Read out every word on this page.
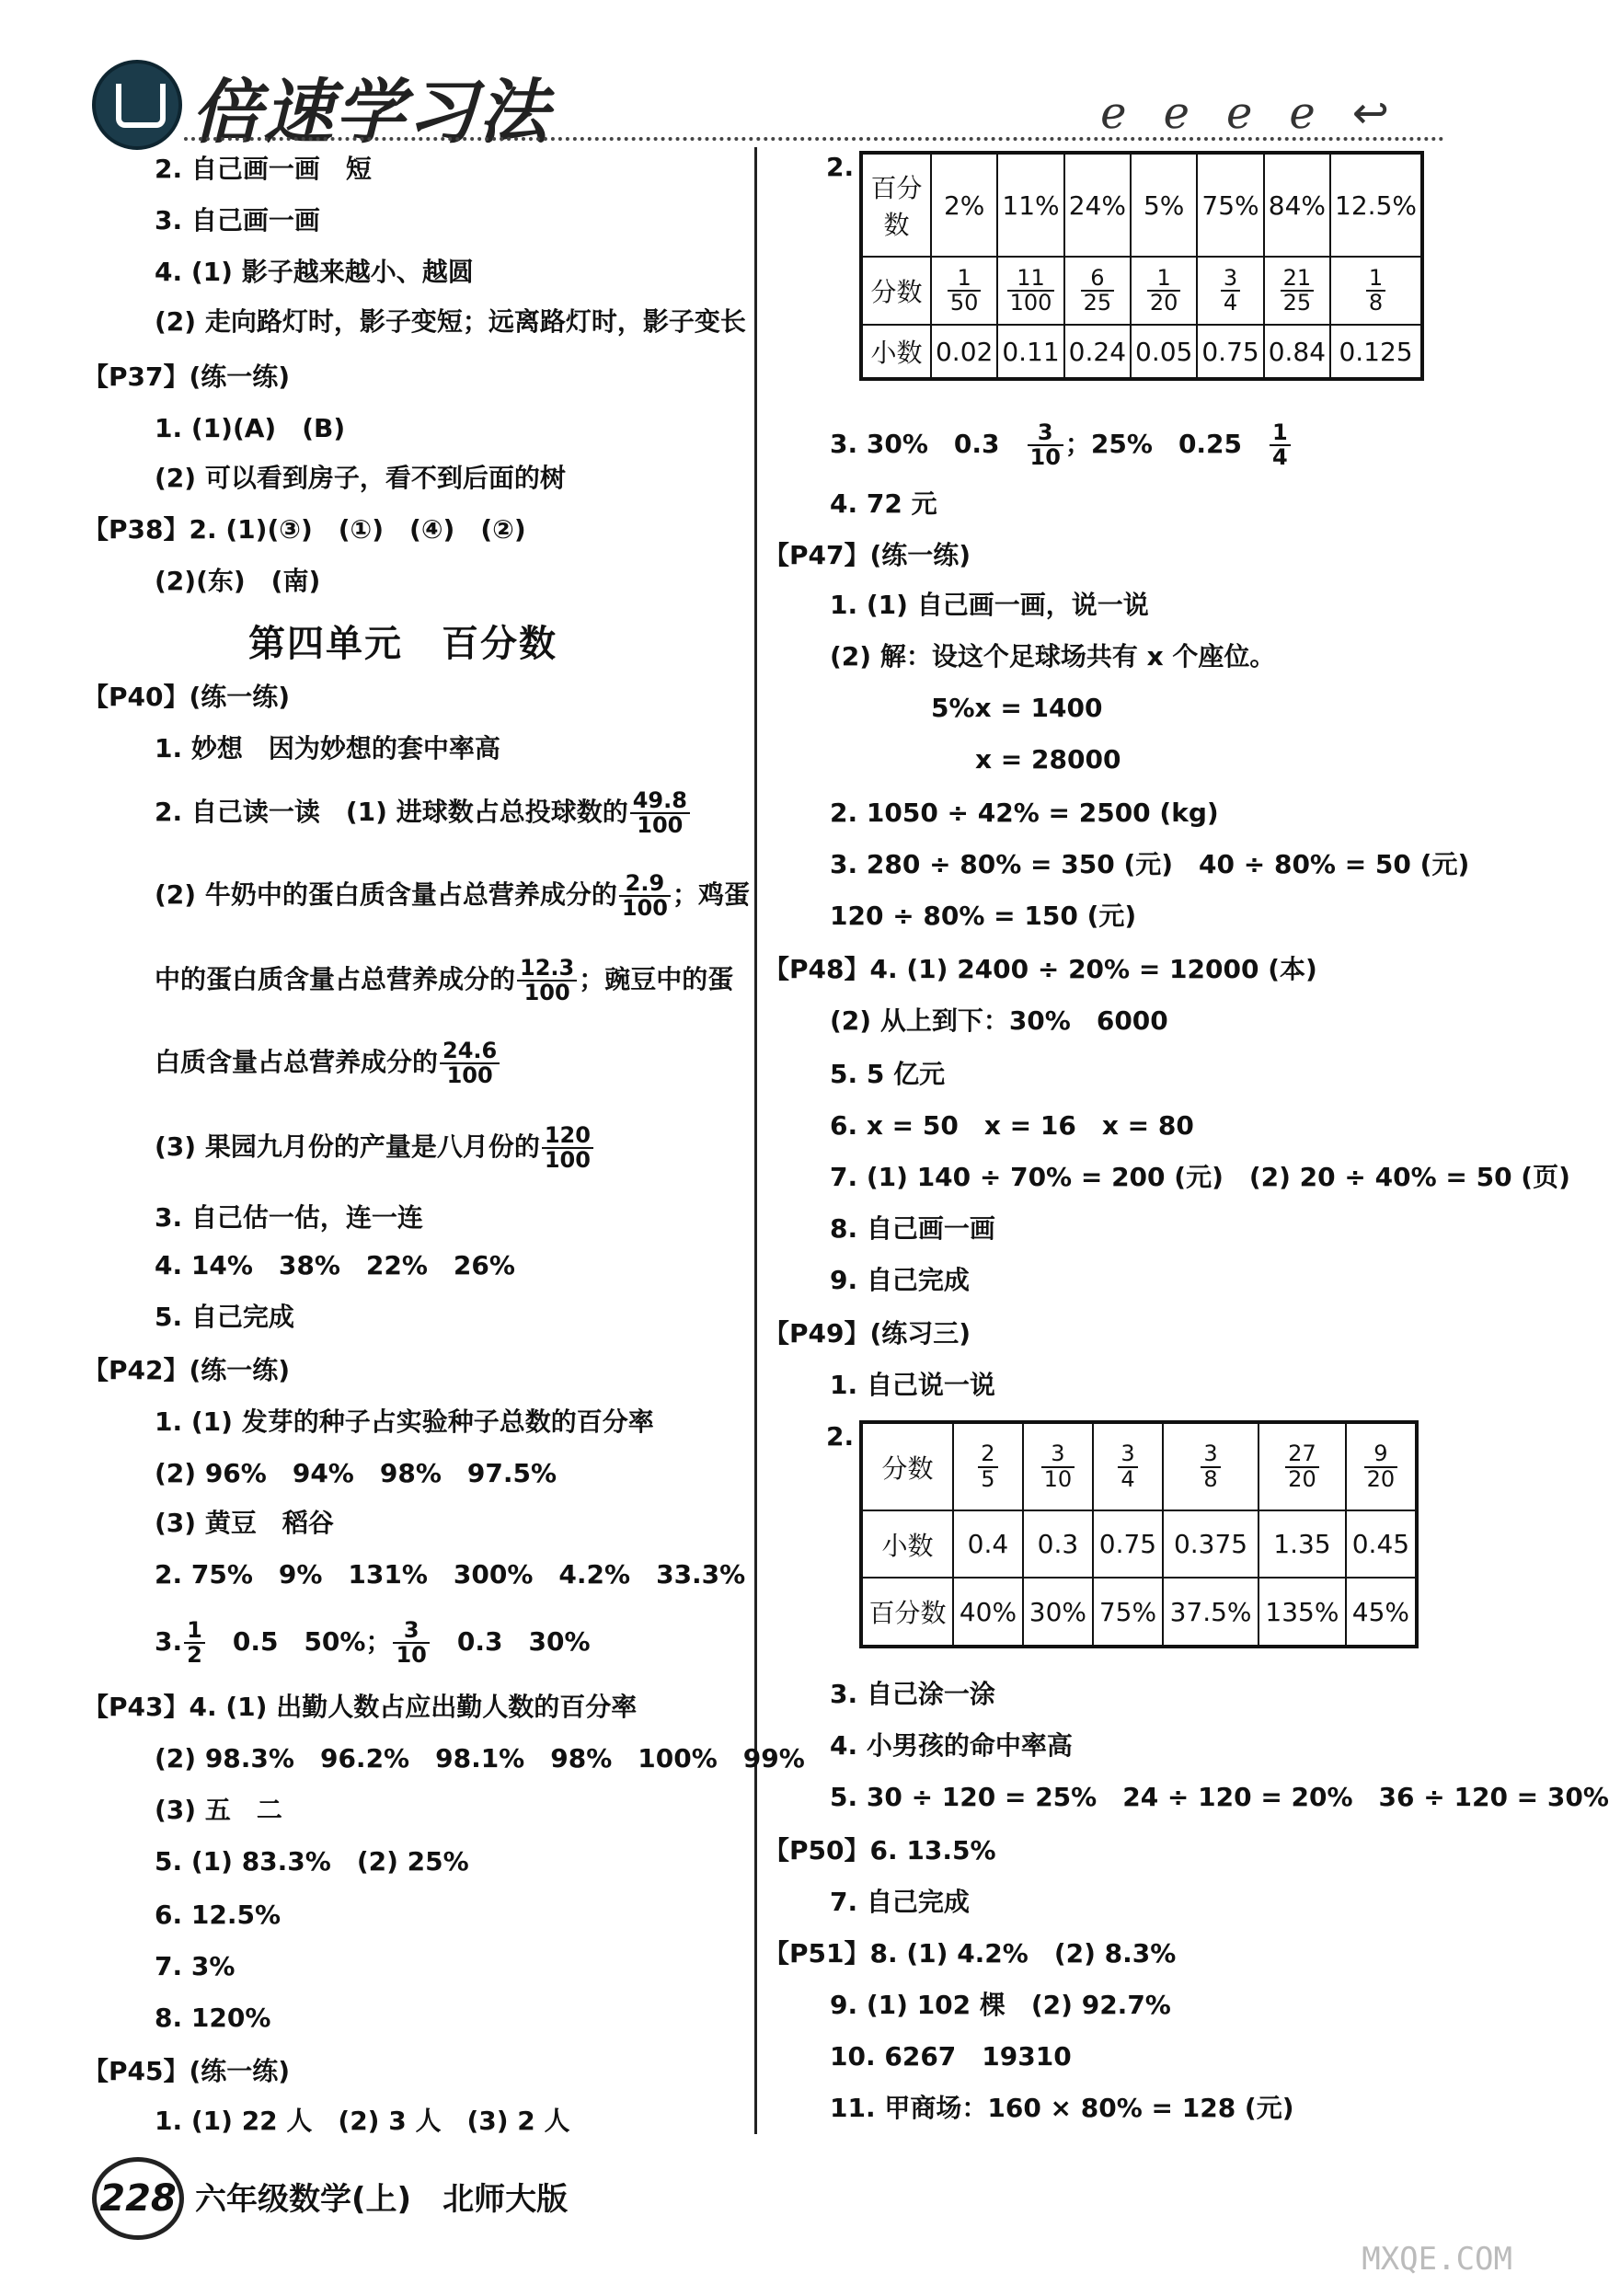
倍速学习法	ℯℯℯℯ↩
2. 自己画一画　短
3. 自己画一画
4. (1) 影子越来越小、越圆
(2) 走向路灯时，影子变短；远离路灯时，影子变长
【P37】(练一练)
1. (1)(A)　(B)
(2) 可以看到房子，看不到后面的树
【P38】2. (1)(③)　(①)　(④)　(②)
(2)(东)　(南)
第四单元　百分数
【P40】(练一练)
1. 妙想　因为妙想的套中率高
2. 自己读一读　(1) 进球数占总投球数的 $\frac{49.8}{100}$
(2) 牛奶中的蛋白质含量占总营养成分的 $\frac{2.9}{100}$ ；鸡蛋
中的蛋白质含量占总营养成分的 $\frac{12.3}{100}$ ；豌豆中的蛋
白质含量占总营养成分的 $\frac{24.6}{100}$
(3) 果园九月份的产量是八月份的 $\frac{120}{100}$
3. 自己估一估，连一连
4. 14%　38%　22%　26%
5. 自己完成
【P42】(练一练)
1. (1) 发芽的种子占实验种子总数的百分率
(2) 96%　94%　98%　97.5%
(3) 黄豆　稻谷
2. 75%　9%　131%　300%　4.2%　33.3%
3. $\frac{1}{2}$
　 0.5　50%； $\frac{3}{10}$
　 0.3　30%
【P43】4. (1) 出勤人数占应出勤人数的百分率
(2) 98.3%　96.2%　98.1%　98%　100%　99%
(3) 五　二
5. (1) 83.3%　(2) 25%
6. 12.5%
7. 3%
8. 120%
【P45】(练一练)
1. (1) 22 人　(2) 3 人　(3) 2 人
2.
百分数	2%	11%	24%	5%	75%	84%	12.5%
分数	$\frac{1}{50}$	$\frac{11}{100}$	$\frac{6}{25}$	$\frac{1}{20}$	$\frac{3}{4}$	$\frac{21}{25}$	$\frac{1}{8}$

小数	0.02	0.11	0.24	0.05	0.75	0.84	0.125
3. 30%　0.3　 $\frac{3}{10}$ ；25%　0.25　 $\frac{1}{4}$
4. 72 元
【P47】(练一练)
1. (1) 自己画一画，说一说
(2) 解：设这个足球场共有 x 个座位。
5%x = 1400
x = 28000
2. 1050 ÷ 42% = 2500 (kg)
3. 280 ÷ 80% = 350 (元)　40 ÷ 80% = 50 (元)
120 ÷ 80% = 150 (元)
【P48】4. (1) 2400 ÷ 20% = 12000 (本)
(2) 从上到下：30%　6000
5. 5 亿元
6. x = 50　x = 16　x = 80
7. (1) 140 ÷ 70% = 200 (元)　(2) 20 ÷ 40% = 50 (页)
8. 自己画一画
9. 自己完成
【P49】(练习三)
1. 自己说一说
2.
分数	$\frac{2}{5}$	$\frac{3}{10}$	$\frac{3}{4}$	$\frac{3}{8}$	$\frac{27}{20}$	$\frac{9}{20}$

小数	0.4	0.3	0.75	0.375	1.35	0.45
百分数	40%	30%	75%	37.5%	135%	45%
3. 自己涂一涂
4. 小男孩的命中率高
5. 30 ÷ 120 = 25%　24 ÷ 120 = 20%　36 ÷ 120 = 30%
【P50】6. 13.5%
7. 自己完成
【P51】8. (1) 4.2%　(2) 8.3%
9. (1) 102 棵　(2) 92.7%
10. 6267　19310
11. 甲商场：160 × 80% = 128 (元)
228 六年级数学(上)　北师大版
MXQE.COM
